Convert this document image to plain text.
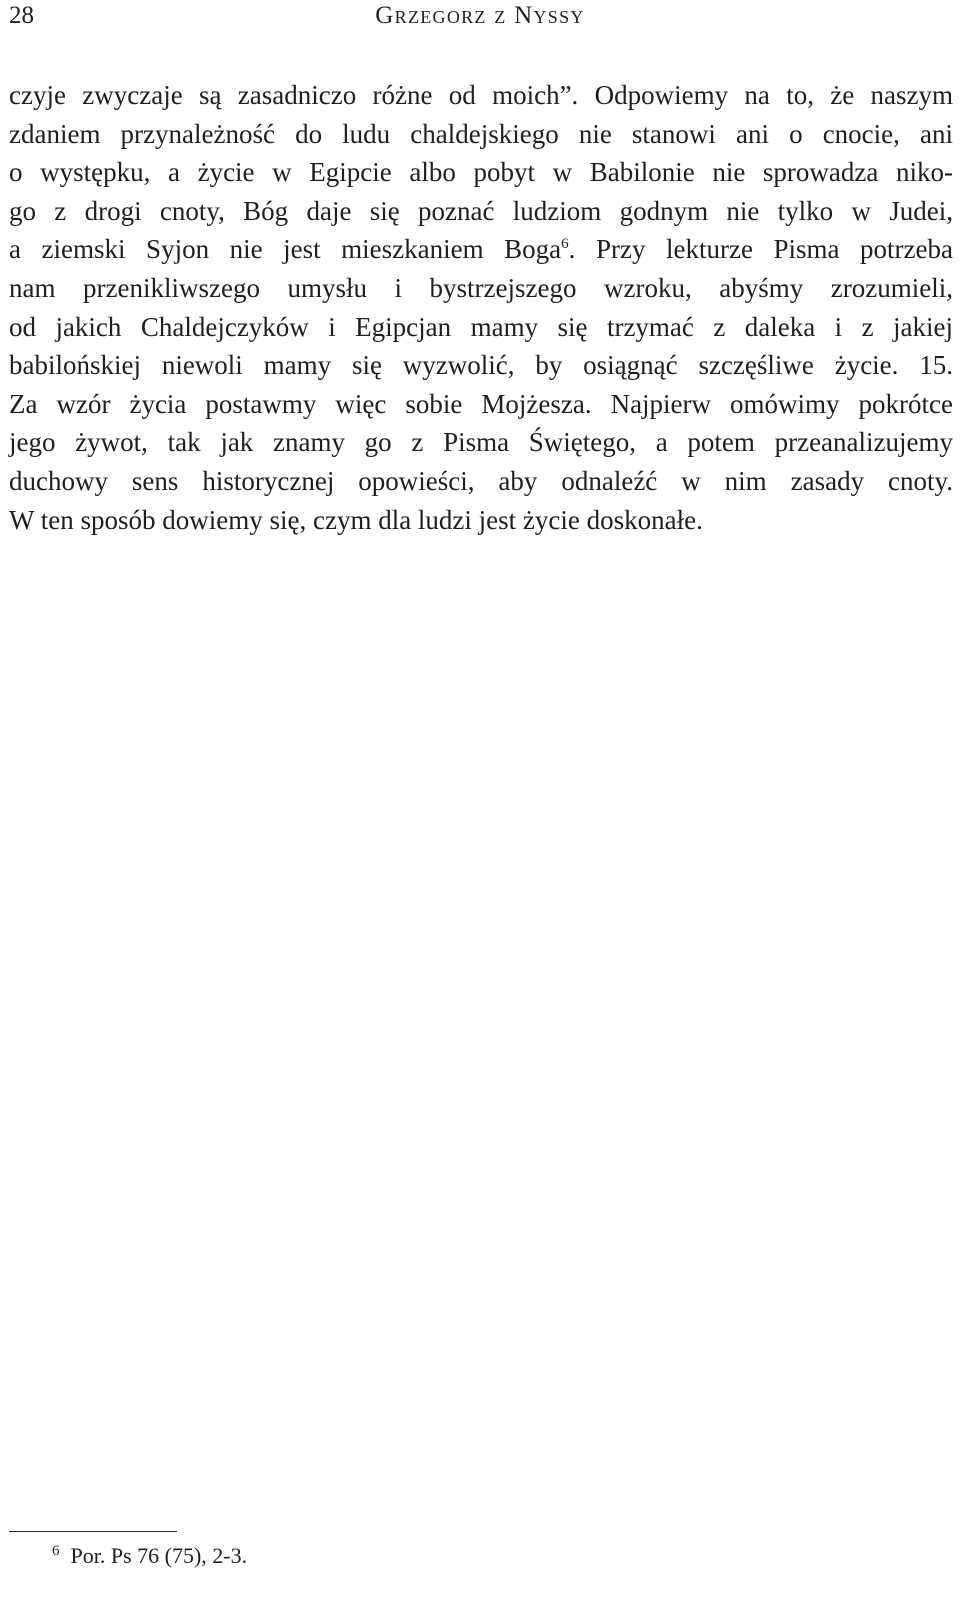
28	Grzegorz z Nyssy

czyje zwyczaje są zasadniczo różne od moich”. Odpowiemy na to, że naszym
zdaniem przynależność do ludu chaldejskiego nie stanowi ani o cnocie, ani
o występku, a życie w Egipcie albo pobyt w Babilonie nie sprowadza niko-
go z drogi cnoty, Bóg daje się poznać ludziom godnym nie tylko w Judei,
a ziemski Syjon nie jest mieszkaniem Boga$^6$. Przy lekturze Pisma potrzeba
nam przenikliwszego umysłu i bystrzejszego wzroku, abyśmy zrozumieli,
od jakich Chaldejczyków i Egipcjan mamy się trzymać z daleka i z jakiej
babilońskiej niewoli mamy się wyzwolić, by osiągnąć szczęśliwe życie. 15.
Za wzór życia postawmy więc sobie Mojżesza. Najpierw omówimy pokrótce
jego żywot, tak jak znamy go z Pisma Świętego, a potem przeanalizujemy
duchowy sens historycznej opowieści, aby odnaleźć w nim zasady cnoty.
W ten sposób dowiemy się, czym dla ludzi jest życie doskonałe.

$^6$ Por. Ps 76 (75), 2‑3.
